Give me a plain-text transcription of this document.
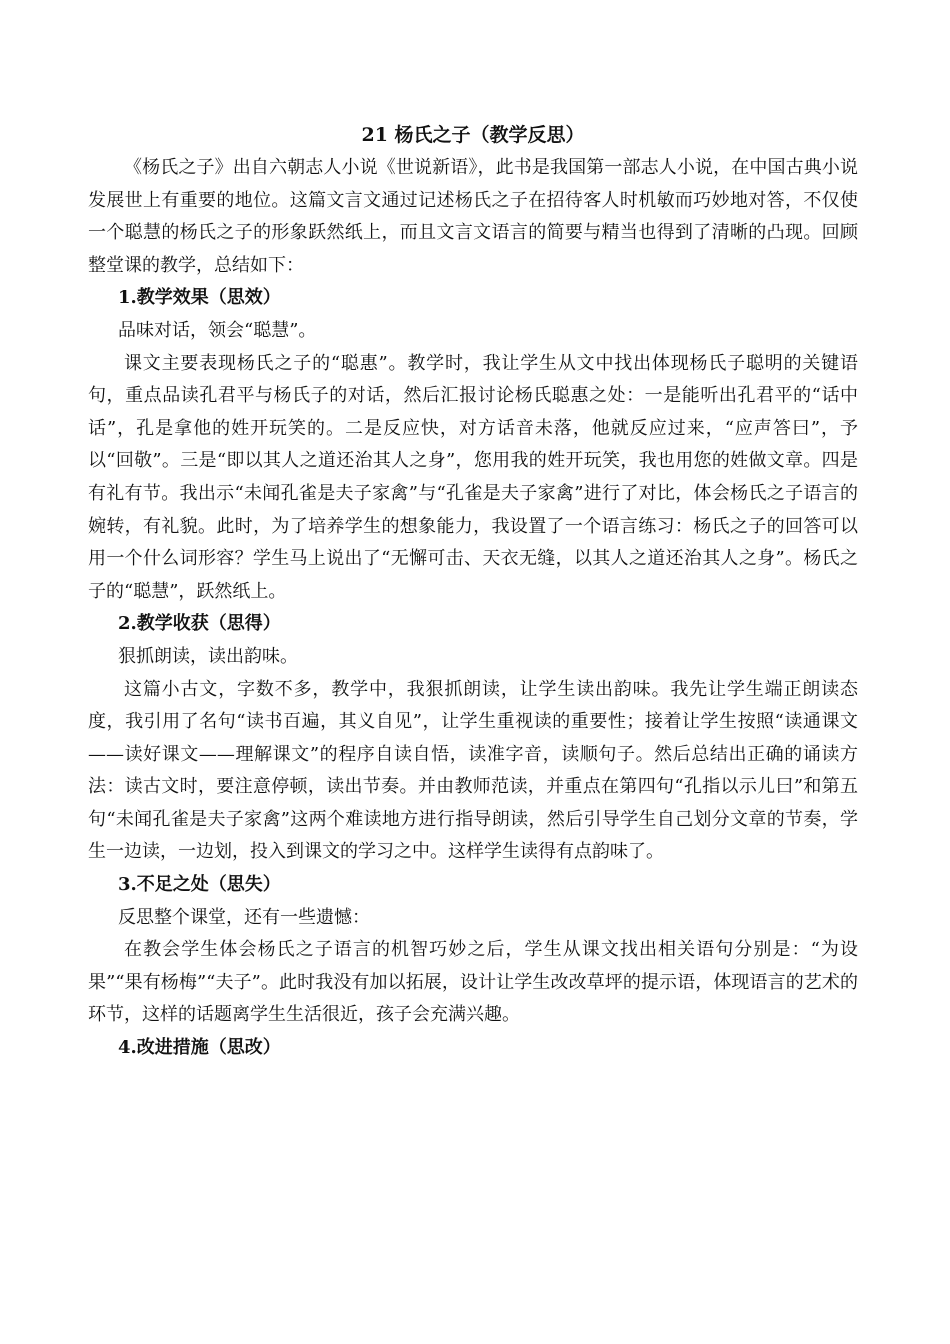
21 杨氏之子（教学反思）

《杨氏之子》出自六朝志人小说《世说新语》，此书是我国第一部志人小说，在中国古典小说发展世上有重要的地位。这篇文言文通过记述杨氏之子在招待客人时机敏而巧妙地对答，不仅使一个聪慧的杨氏之子的形象跃然纸上，而且文言文语言的简要与精当也得到了清晰的凸现。回顾整堂课的教学，总结如下：

1.教学效果（思效）

品味对话，领会“聪慧”。

课文主要表现杨氏之子的“聪惠”。教学时，我让学生从文中找出体现杨氏子聪明的关键语句，重点品读孔君平与杨氏子的对话，然后汇报讨论杨氏聪惠之处：一是能听出孔君平的“话中话”，孔是拿他的姓开玩笑的。二是反应快，对方话音未落，他就反应过来，“应声答曰”，予以“回敬”。三是“即以其人之道还治其人之身”，您用我的姓开玩笑，我也用您的姓做文章。四是有礼有节。我出示“未闻孔雀是夫子家禽”与“孔雀是夫子家禽”进行了对比，体会杨氏之子语言的婉转，有礼貌。此时，为了培养学生的想象能力，我设置了一个语言练习：杨氏之子的回答可以用一个什么词形容？学生马上说出了“无懈可击、天衣无缝，以其人之道还治其人之身”。杨氏之子的“聪慧”，跃然纸上。

2.教学收获（思得）

狠抓朗读，读出韵味。

这篇小古文，字数不多，教学中，我狠抓朗读，让学生读出韵味。我先让学生端正朗读态度，我引用了名句“读书百遍，其义自见”，让学生重视读的重要性；接着让学生按照“读通课文——读好课文——理解课文”的程序自读自悟，读准字音，读顺句子。然后总结出正确的诵读方法：读古文时，要注意停顿，读出节奏。并由教师范读，并重点在第四句“孔指以示儿曰”和第五句“未闻孔雀是夫子家禽”这两个难读地方进行指导朗读，然后引导学生自己划分文章的节奏，学生一边读，一边划，投入到课文的学习之中。这样学生读得有点韵味了。

3.不足之处（思失）

反思整个课堂，还有一些遗憾：

在教会学生体会杨氏之子语言的机智巧妙之后，学生从课文找出相关语句分别是：“为设果”“果有杨梅”“夫子”。此时我没有加以拓展，设计让学生改改草坪的提示语，体现语言的艺术的环节，这样的话题离学生生活很近，孩子会充满兴趣。

4.改进措施（思改）
